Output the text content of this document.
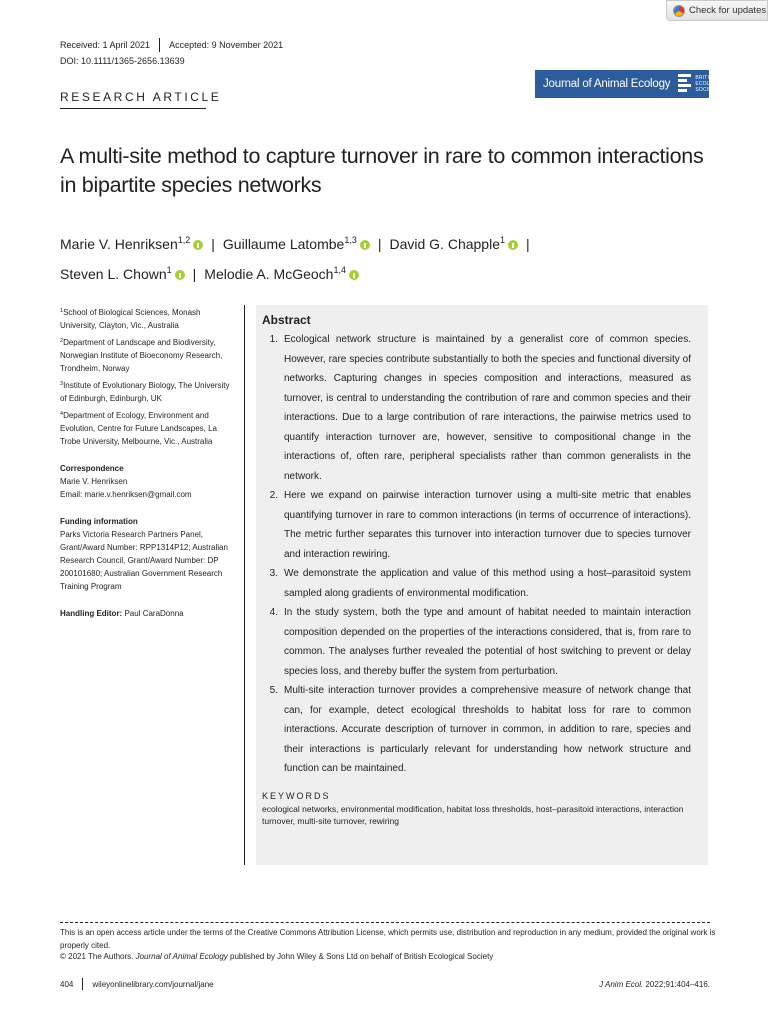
Check for updates
Received: 1 April 2021 Accepted: 9 November 2021
DOI: 10.1111/1365-2656.13639
Journal of Animal Ecology	BRITISH
ECOLOGICAL
SOCIETY
RESEARCH ARTICLE
A multi-site method to capture turnover in rare to common interactions in bipartite species networks
Marie V. Henriksen$^{1,2}$ | Guillaume Latombe$^{1,3}$ | David G. Chapple$^1$ |
Steven L. Chown$^1$ | Melodie A. McGeoch$^{1,4}$
$^1$School of Biological Sciences, Monash University, Clayton, Vic., Australia
$^2$Department of Landscape and Biodiversity, Norwegian Institute of Bioeconomy Research, Trondheim, Norway
$^3$Institute of Evolutionary Biology, The University of Edinburgh, Edinburgh, UK
$^4$Department of Ecology, Environment and Evolution, Centre for Future Landscapes, La Trobe University, Melbourne, Vic., Australia
Correspondence
Marie V. Henriksen
Email: marie.v.henriksen@gmail.com
Funding information
Parks Victoria Research Partners Panel, Grant/Award Number: RPP1314P12; Australian Research Council, Grant/Award Number: DP 200101680; Australian Government Research Training Program
Handling Editor: Paul CaraDonna
Abstract
1. Ecological network structure is maintained by a generalist core of common species. However, rare species contribute substantially to both the species and functional diversity of networks. Capturing changes in species composition and interactions, measured as turnover, is central to understanding the contribution of rare and common species and their interactions. Due to a large contribution of rare interactions, the pairwise metrics used to quantify interaction turnover are, however, sensitive to compositional change in the interactions of, often rare, peripheral specialists rather than common generalists in the network.
2. Here we expand on pairwise interaction turnover using a multi-site metric that enables quantifying turnover in rare to common interactions (in terms of occurrence of interactions). The metric further separates this turnover into interaction turnover due to species turnover and interaction rewiring.
3. We demonstrate the application and value of this method using a host–parasitoid system sampled along gradients of environmental modification.
4. In the study system, both the type and amount of habitat needed to maintain interaction composition depended on the properties of the interactions considered, that is, from rare to common. The analyses further revealed the potential of host switching to prevent or delay species loss, and thereby buffer the system from perturbation.
5. Multi-site interaction turnover provides a comprehensive measure of network change that can, for example, detect ecological thresholds to habitat loss for rare to common interactions. Accurate description of turnover in common, in addition to rare, species and their interactions is particularly relevant for understanding how network structure and function can be maintained.
KEYWORDS
ecological networks, environmental modification, habitat loss thresholds, host–parasitoid interactions, interaction turnover, multi-site turnover, rewiring
This is an open access article under the terms of the Creative Commons Attribution License, which permits use, distribution and reproduction in any medium, provided the original work is properly cited.
© 2021 The Authors. Journal of Animal Ecology published by John Wiley & Sons Ltd on behalf of British Ecological Society
404 wileyonlinelibrary.com/journal/jane	J Anim Ecol. 2022;91:404–416.
